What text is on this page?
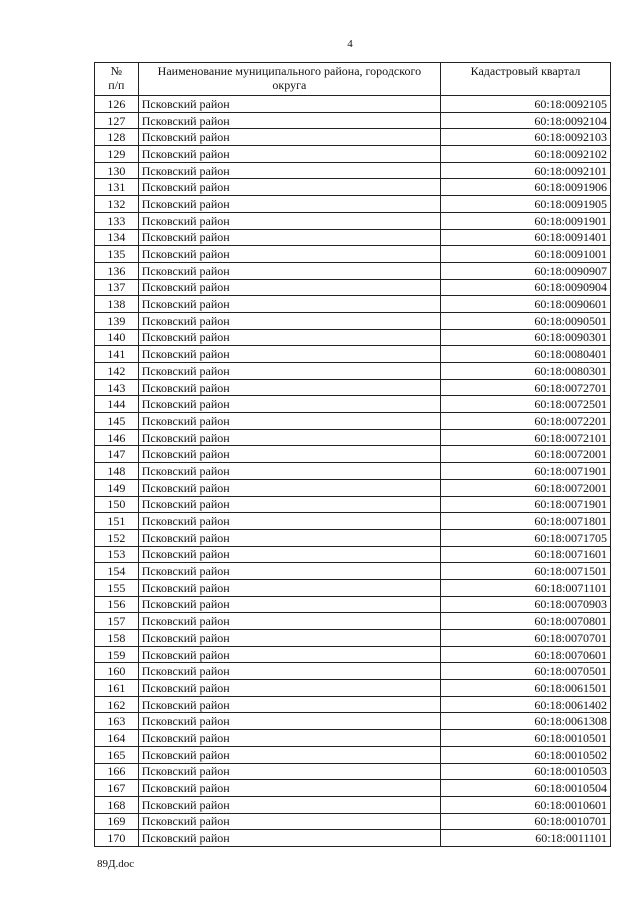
4
№
п/п	Наименование муниципального района, городского округа	Кадастровый квартал
126	Псковский район	60:18:0092105
127	Псковский район	60:18:0092104
128	Псковский район	60:18:0092103
129	Псковский район	60:18:0092102
130	Псковский район	60:18:0092101
131	Псковский район	60:18:0091906
132	Псковский район	60:18:0091905
133	Псковский район	60:18:0091901
134	Псковский район	60:18:0091401
135	Псковский район	60:18:0091001
136	Псковский район	60:18:0090907
137	Псковский район	60:18:0090904
138	Псковский район	60:18:0090601
139	Псковский район	60:18:0090501
140	Псковский район	60:18:0090301
141	Псковский район	60:18:0080401
142	Псковский район	60:18:0080301
143	Псковский район	60:18:0072701
144	Псковский район	60:18:0072501
145	Псковский район	60:18:0072201
146	Псковский район	60:18:0072101
147	Псковский район	60:18:0072001
148	Псковский район	60:18:0071901
149	Псковский район	60:18:0072001
150	Псковский район	60:18:0071901
151	Псковский район	60:18:0071801
152	Псковский район	60:18:0071705
153	Псковский район	60:18:0071601
154	Псковский район	60:18:0071501
155	Псковский район	60:18:0071101
156	Псковский район	60:18:0070903
157	Псковский район	60:18:0070801
158	Псковский район	60:18:0070701
159	Псковский район	60:18:0070601
160	Псковский район	60:18:0070501
161	Псковский район	60:18:0061501
162	Псковский район	60:18:0061402
163	Псковский район	60:18:0061308
164	Псковский район	60:18:0010501
165	Псковский район	60:18:0010502
166	Псковский район	60:18:0010503
167	Псковский район	60:18:0010504
168	Псковский район	60:18:0010601
169	Псковский район	60:18:0010701
170	Псковский район	60:18:0011101
89Д.doc
